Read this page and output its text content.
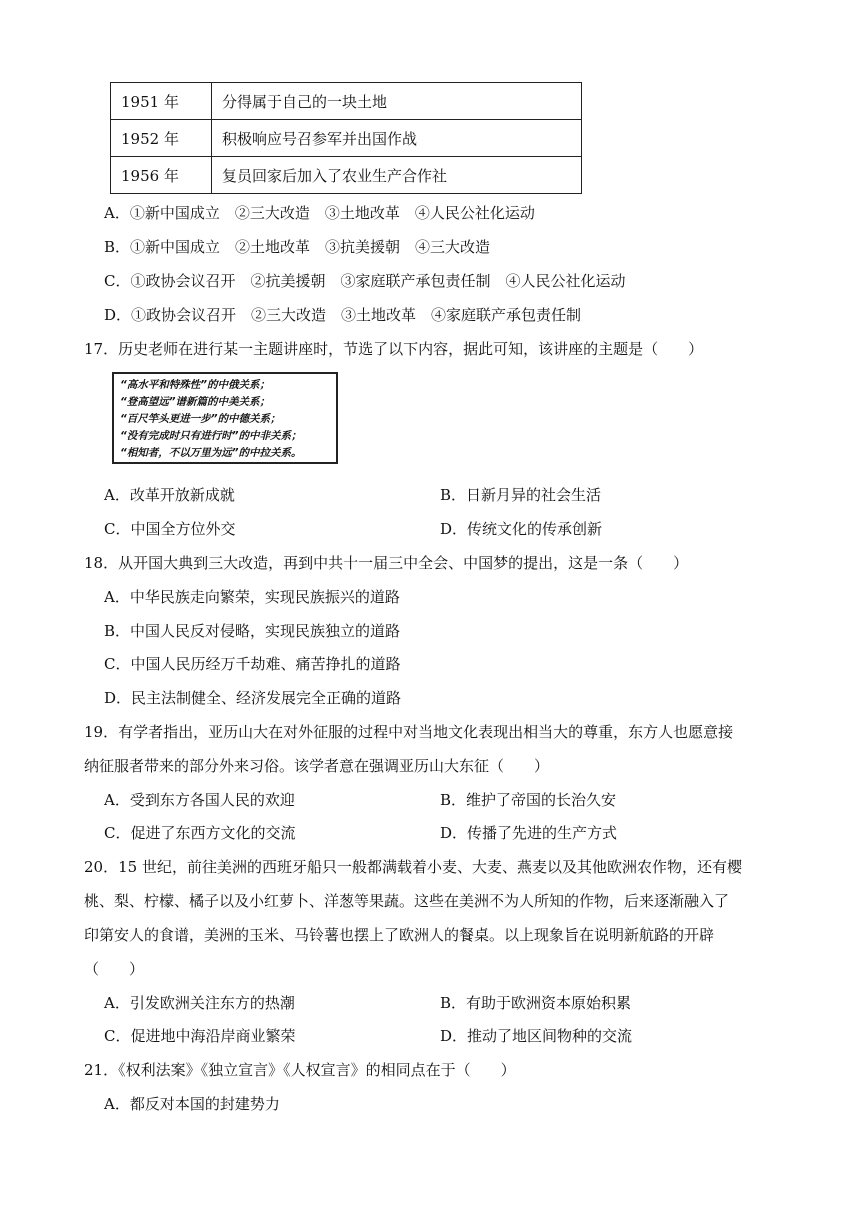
1951 年	分得属于自己的一块土地
1952 年	积极响应号召参军并出国作战
1956 年	复员回家后加入了农业生产合作社
A．①新中国成立　②三大改造　③土地改革　④人民公社化运动
B．①新中国成立　②土地改革　③抗美援朝　④三大改造
C．①政协会议召开　②抗美援朝　③家庭联产承包责任制　④人民公社化运动
D．①政协会议召开　②三大改造　③土地改革　④家庭联产承包责任制
17．历史老师在进行某一主题讲座时，节选了以下内容，据此可知，该讲座的主题是（　　）
“高水平和特殊性”的中俄关系；
“登高望远”谱新篇的中美关系；
“百尺竿头更进一步”的中德关系；
“没有完成时只有进行时”的中非关系；
“相知者，不以万里为远”的中拉关系。
A．改革开放新成就	B．日新月异的社会生活
C．中国全方位外交	D．传统文化的传承创新
18．从开国大典到三大改造，再到中共十一届三中全会、中国梦的提出，这是一条（　　）
A．中华民族走向繁荣，实现民族振兴的道路
B．中国人民反对侵略，实现民族独立的道路
C．中国人民历经万千劫难、痛苦挣扎的道路
D．民主法制健全、经济发展完全正确的道路
19．有学者指出，亚历山大在对外征服的过程中对当地文化表现出相当大的尊重，东方人也愿意接
纳征服者带来的部分外来习俗。该学者意在强调亚历山大东征（　　）
A．受到东方各国人民的欢迎	B．维护了帝国的长治久安
C．促进了东西方文化的交流	D．传播了先进的生产方式
20．15 世纪，前往美洲的西班牙船只一般都满载着小麦、大麦、燕麦以及其他欧洲农作物，还有樱
桃、梨、柠檬、橘子以及小红萝卜、洋葱等果蔬。这些在美洲不为人所知的作物，后来逐渐融入了
印第安人的食谱，美洲的玉米、马铃薯也摆上了欧洲人的餐桌。以上现象旨在说明新航路的开辟
（　　）
A．引发欧洲关注东方的热潮	B．有助于欧洲资本原始积累
C．促进地中海沿岸商业繁荣	D．推动了地区间物种的交流
21．《权利法案》《独立宣言》《人权宣言》的相同点在于（　　）
A．都反对本国的封建势力
